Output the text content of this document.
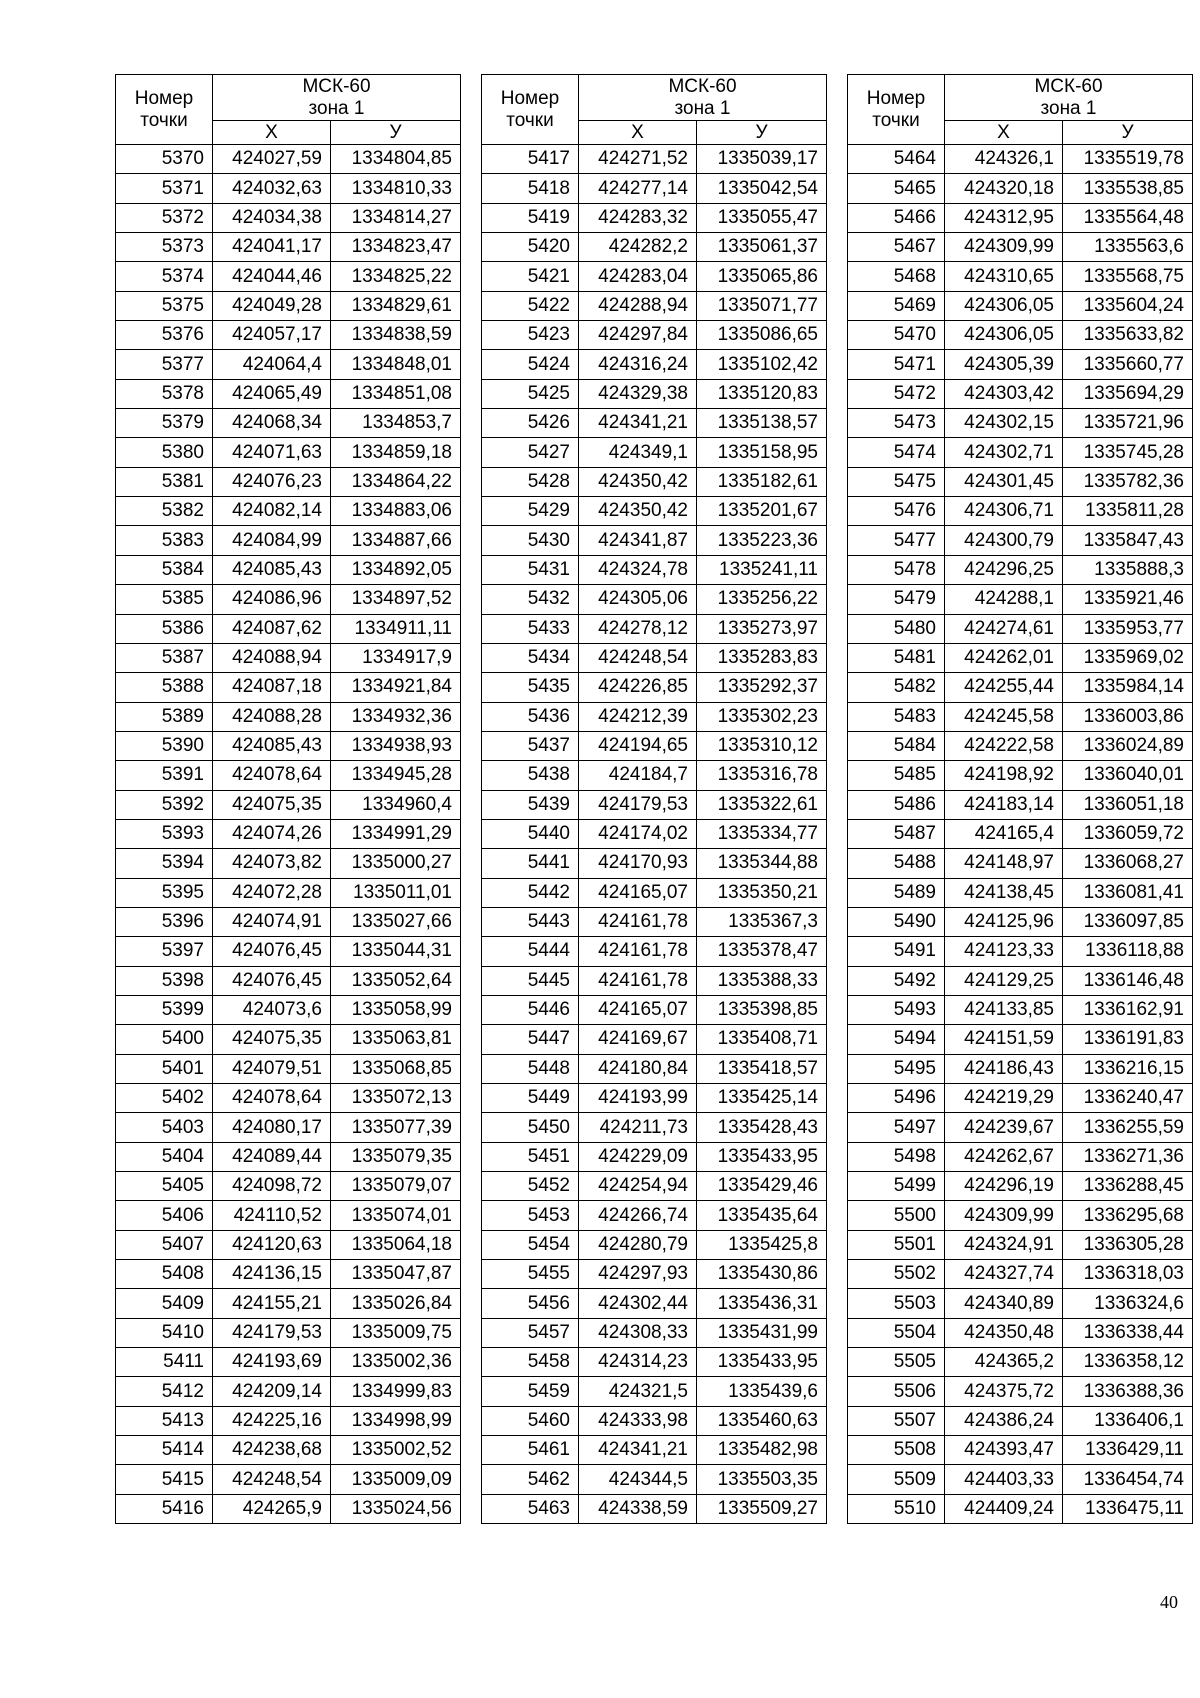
Номер точки	МСК-60
зона 1	
	X	У
5370	424027,59	1334804,85
5371	424032,63	1334810,33
5372	424034,38	1334814,27
5373	424041,17	1334823,47
5374	424044,46	1334825,22
5375	424049,28	1334829,61
5376	424057,17	1334838,59
5377	424064,4	1334848,01
5378	424065,49	1334851,08
5379	424068,34	1334853,7
5380	424071,63	1334859,18
5381	424076,23	1334864,22
5382	424082,14	1334883,06
5383	424084,99	1334887,66
5384	424085,43	1334892,05
5385	424086,96	1334897,52
5386	424087,62	1334911,11
5387	424088,94	1334917,9
5388	424087,18	1334921,84
5389	424088,28	1334932,36
5390	424085,43	1334938,93
5391	424078,64	1334945,28
5392	424075,35	1334960,4
5393	424074,26	1334991,29
5394	424073,82	1335000,27
5395	424072,28	1335011,01
5396	424074,91	1335027,66
5397	424076,45	1335044,31
5398	424076,45	1335052,64
5399	424073,6	1335058,99
5400	424075,35	1335063,81
5401	424079,51	1335068,85
5402	424078,64	1335072,13
5403	424080,17	1335077,39
5404	424089,44	1335079,35
5405	424098,72	1335079,07
5406	424110,52	1335074,01
5407	424120,63	1335064,18
5408	424136,15	1335047,87
5409	424155,21	1335026,84
5410	424179,53	1335009,75
5411	424193,69	1335002,36
5412	424209,14	1334999,83
5413	424225,16	1334998,99
5414	424238,68	1335002,52
5415	424248,54	1335009,09
5416	424265,9	1335024,56
Номер точки	МСК-60
зона 1	
	X	У
5417	424271,52	1335039,17
5418	424277,14	1335042,54
5419	424283,32	1335055,47
5420	424282,2	1335061,37
5421	424283,04	1335065,86
5422	424288,94	1335071,77
5423	424297,84	1335086,65
5424	424316,24	1335102,42
5425	424329,38	1335120,83
5426	424341,21	1335138,57
5427	424349,1	1335158,95
5428	424350,42	1335182,61
5429	424350,42	1335201,67
5430	424341,87	1335223,36
5431	424324,78	1335241,11
5432	424305,06	1335256,22
5433	424278,12	1335273,97
5434	424248,54	1335283,83
5435	424226,85	1335292,37
5436	424212,39	1335302,23
5437	424194,65	1335310,12
5438	424184,7	1335316,78
5439	424179,53	1335322,61
5440	424174,02	1335334,77
5441	424170,93	1335344,88
5442	424165,07	1335350,21
5443	424161,78	1335367,3
5444	424161,78	1335378,47
5445	424161,78	1335388,33
5446	424165,07	1335398,85
5447	424169,67	1335408,71
5448	424180,84	1335418,57
5449	424193,99	1335425,14
5450	424211,73	1335428,43
5451	424229,09	1335433,95
5452	424254,94	1335429,46
5453	424266,74	1335435,64
5454	424280,79	1335425,8
5455	424297,93	1335430,86
5456	424302,44	1335436,31
5457	424308,33	1335431,99
5458	424314,23	1335433,95
5459	424321,5	1335439,6
5460	424333,98	1335460,63
5461	424341,21	1335482,98
5462	424344,5	1335503,35
5463	424338,59	1335509,27
Номер точки	МСК-60
зона 1	
	X	У
5464	424326,1	1335519,78
5465	424320,18	1335538,85
5466	424312,95	1335564,48
5467	424309,99	1335563,6
5468	424310,65	1335568,75
5469	424306,05	1335604,24
5470	424306,05	1335633,82
5471	424305,39	1335660,77
5472	424303,42	1335694,29
5473	424302,15	1335721,96
5474	424302,71	1335745,28
5475	424301,45	1335782,36
5476	424306,71	1335811,28
5477	424300,79	1335847,43
5478	424296,25	1335888,3
5479	424288,1	1335921,46
5480	424274,61	1335953,77
5481	424262,01	1335969,02
5482	424255,44	1335984,14
5483	424245,58	1336003,86
5484	424222,58	1336024,89
5485	424198,92	1336040,01
5486	424183,14	1336051,18
5487	424165,4	1336059,72
5488	424148,97	1336068,27
5489	424138,45	1336081,41
5490	424125,96	1336097,85
5491	424123,33	1336118,88
5492	424129,25	1336146,48
5493	424133,85	1336162,91
5494	424151,59	1336191,83
5495	424186,43	1336216,15
5496	424219,29	1336240,47
5497	424239,67	1336255,59
5498	424262,67	1336271,36
5499	424296,19	1336288,45
5500	424309,99	1336295,68
5501	424324,91	1336305,28
5502	424327,74	1336318,03
5503	424340,89	1336324,6
5504	424350,48	1336338,44
5505	424365,2	1336358,12
5506	424375,72	1336388,36
5507	424386,24	1336406,1
5508	424393,47	1336429,11
5509	424403,33	1336454,74
5510	424409,24	1336475,11
40
